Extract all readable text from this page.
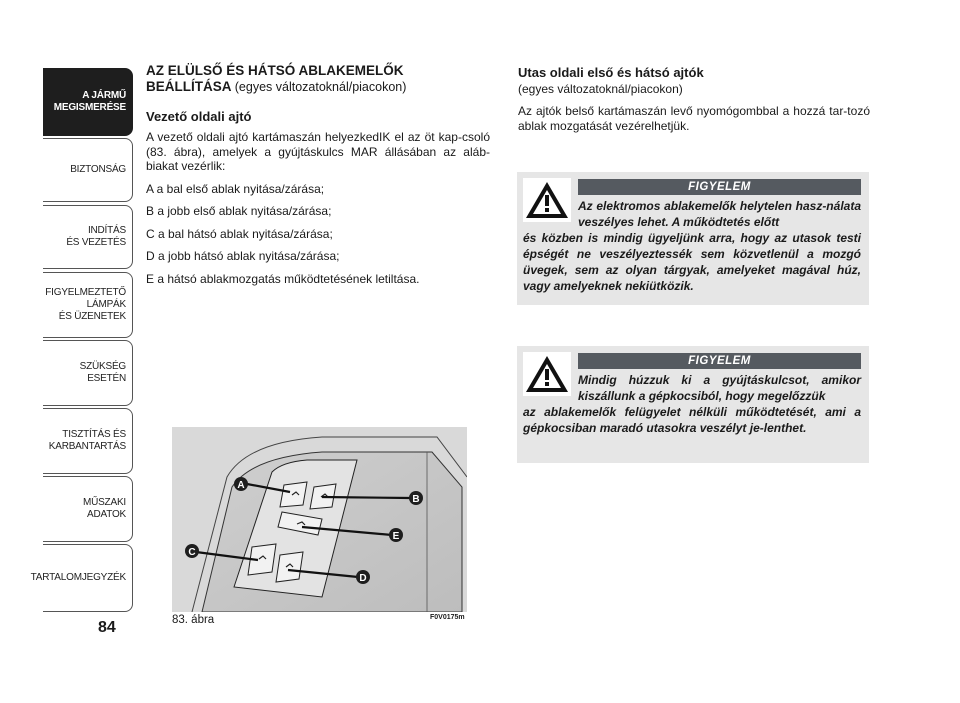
A JÁRMŰ
MEGISMERÉSE
BIZTONSÁG
INDÍTÁS
ÉS VEZETÉS
FIGYELMEZTETŐ
LÁMPÁK
ÉS ÜZENETEK
SZÜKSÉG
ESETÉN
TISZTÍTÁS ÉS
KARBANTARTÁS
MŰSZAKI
ADATOK
TARTALOMJEGYZÉK
84

AZ ELÜLSŐ ÉS HÁTSÓ ABLAKEMELŐK
BEÁLLÍTÁSA (egyes változatoknál/piacokon)

Vezető oldali ajtó

A vezető oldali ajtó kartámaszán helyezkedIK el az öt kap-csoló (83. ábra), amelyek a gyújtáskulcs MAR állásában az aláb-biakat vezérlik:

A a bal első ablak nyitása/zárása;

B a jobb első ablak nyitása/zárása;

C a bal hátsó ablak nyitása/zárása;

D a jobb hátsó ablak nyitása/zárása;

E a hátsó ablakmozgatás működtetésének letiltása.

Utas oldali első és hátsó ajtók

(egyes változatoknál/piacokon)

Az ajtók belső kartámaszán levő nyomógombbal a hozzá tar-tozó ablak mozgatását vezérelhetjük.

FIGYELEM
Az elektromos ablakemelők helytelen hasz-nálata veszélyes lehet. A működtetés előtt
és közben is mindig ügyeljünk arra, hogy az utasok testi épségét ne veszélyeztessék sem közvetlenül a mozgó üvegek, sem az olyan tárgyak, amelyeket magával húz, vagy amelyeknek nekiütközik.
FIGYELEM
Mindig húzzuk ki a gyújtáskulcsot, amikor kiszállunk a gépkocsiból, hogy megelőzzük
az ablakemelők felügyelet nélküli működtetését, ami a gépkocsiban maradó utasokra veszélyt je-lenthet.
A
B
C
D
E
83. ábra	F0V0175m
